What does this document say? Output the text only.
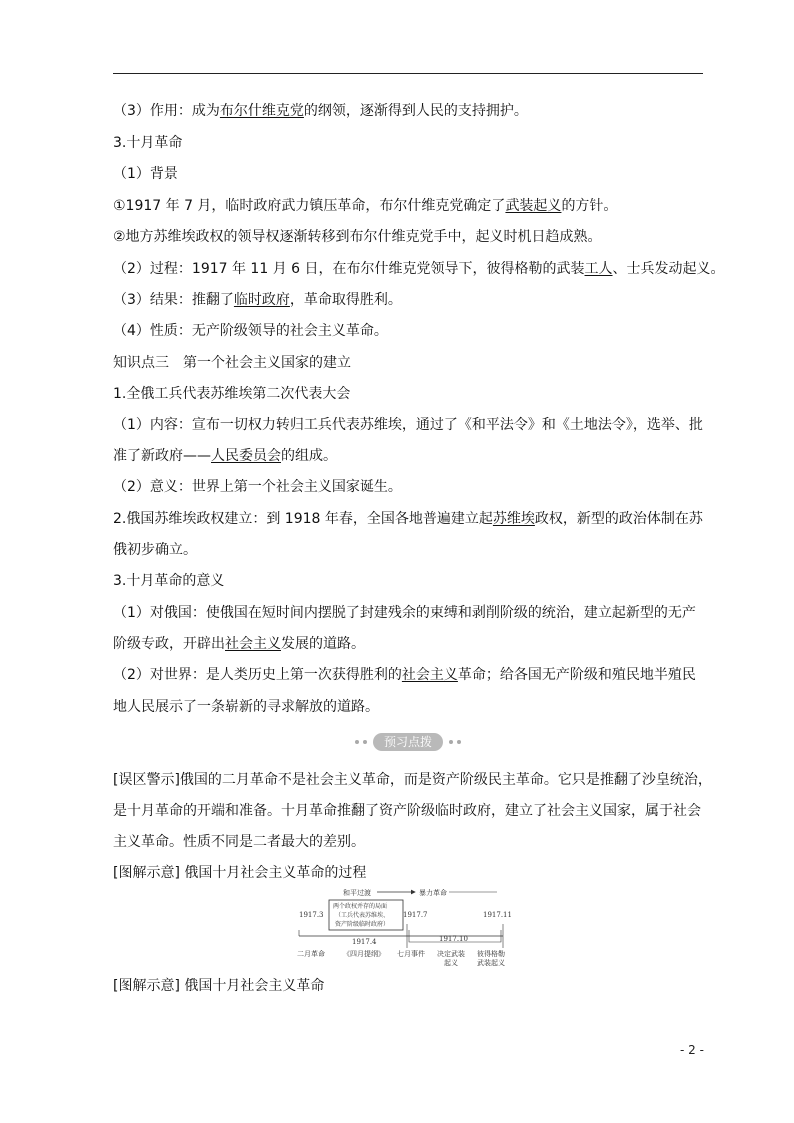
（3）作用：成为布尔什维克党的纲领，逐渐得到人民的支持拥护。
3.十月革命
（1）背景
①1917 年 7 月，临时政府武力镇压革命，布尔什维克党确定了武装起义的方针。
②地方苏维埃政权的领导权逐渐转移到布尔什维克党手中，起义时机日趋成熟。
（2）过程：1917 年 11 月 6 日，在布尔什维克党领导下，彼得格勒的武装工人、士兵发动起义。
（3）结果：推翻了临时政府，革命取得胜利。
（4）性质：无产阶级领导的社会主义革命。
知识点三　第一个社会主义国家的建立
1.全俄工兵代表苏维埃第二次代表大会
（1）内容：宣布一切权力转归工兵代表苏维埃，通过了《和平法令》和《土地法令》，选举、批
准了新政府——人民委员会的组成。
（2）意义：世界上第一个社会主义国家诞生。
2.俄国苏维埃政权建立：到 1918 年春，全国各地普遍建立起苏维埃政权，新型的政治体制在苏
俄初步确立。
3.十月革命的意义
（1）对俄国：使俄国在短时间内摆脱了封建残余的束缚和剥削阶级的统治，建立起新型的无产
阶级专政，开辟出社会主义发展的道路。
（2）对世界：是人类历史上第一次获得胜利的社会主义革命；给各国无产阶级和殖民地半殖民
地人民展示了一条崭新的寻求解放的道路。
[误区警示]俄国的二月革命不是社会主义革命，而是资产阶级民主革命。它只是推翻了沙皇统治，
是十月革命的开端和准备。十月革命推翻了资产阶级临时政府，建立了社会主义国家，属于社会
主义革命。性质不同是二者最大的差别。
[图解示意] 俄国十月社会主义革命的过程
[图解示意] 俄国十月社会主义革命
预习点拨
和平过渡	暴力革命
1917.3	1917.7	1917.11
两个政权并存的局面
（工兵代表苏维埃、
资产阶级临时政府）
1917.4	1917.10
二月革命	《四月提纲》 七月事件 决定武装
起义
彼得格勒
武装起义
- 2 -
